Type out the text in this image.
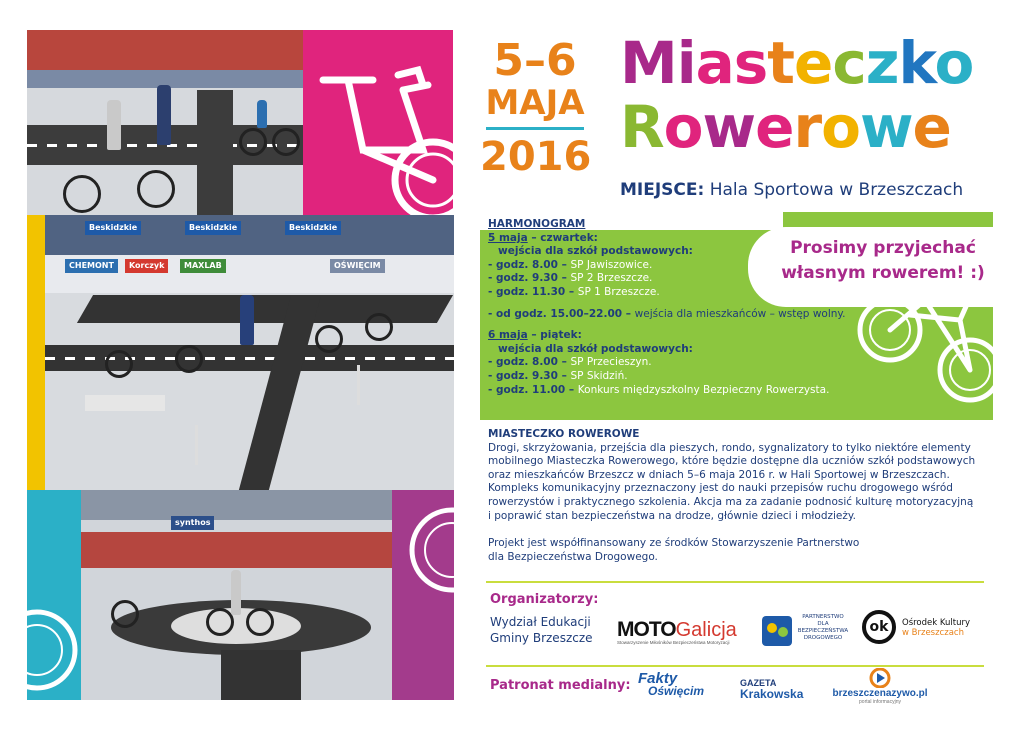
Beskidzkie	Beskidzkie	Beskidzkie
CHEMONT	Korczyk	MAXLAB	OŚWIĘCIM
synthos
5–6
MAJA
2016
Miasteczko
Rowerowe
MIEJSCE: Hala Sportowa w Brzeszczach
Prosimy przyjechać
własnym rowerem! :)
HARMONOGRAM
5 maja – czwartek:
wejścia dla szkół podstawowych:
- godz. 8.00 – SP Jawiszowice.
- godz. 9.30 – SP 2 Brzeszcze.
- godz. 11.30 – SP 1 Brzeszcze.
- od godz. 15.00–22.00 – wejścia dla mieszkańców – wstęp wolny.
6 maja – piątek:
wejścia dla szkół podstawowych:
- godz. 8.00 – SP Przecieszyn.
- godz. 9.30 – SP Skidziń.
- godz. 11.00 – Konkurs międzyszkolny Bezpieczny Rowerzysta.
MIASTECZKO ROWEROWE
Drogi, skrzyżowania, przejścia dla pieszych, rondo, sygnalizatory to tylko niektóre elementy
mobilnego Miasteczka Rowerowego, które będzie dostępne dla uczniów szkół podstawowych
oraz mieszkańców Brzeszcz w dniach 5–6 maja 2016 r. w Hali Sportowej w Brzeszczach.
Kompleks komunikacyjny przeznaczony jest do nauki przepisów ruchu drogowego wśród
rowerzystów i praktycznego szkolenia. Akcja ma za zadanie podnosić kulturę motoryzacyjną
i poprawić stan bezpieczeństwa na drodze, głównie dzieci i młodzieży.
Projekt jest współfinansowany ze środków Stowarzyszenie Partnerstwo
dla Bezpieczeństwa Drogowego.
Organizatorzy:
Wydział Edukacji
Gminy Brzeszcze MOTOGalicja
Stowarzyszenie Miłośników Bezpieczeństwa Motoryzacji
PARTNERSTWO
DLA
BEZPIECZEŃSTWA
DROGOWEGO
ok	Ośrodek Kultury
w Brzeszczach
Patronat medialny: Fakty
Oświęcim
GAZETA
Krakowska	brzeszczenazywo.pl
portal informacyjny
